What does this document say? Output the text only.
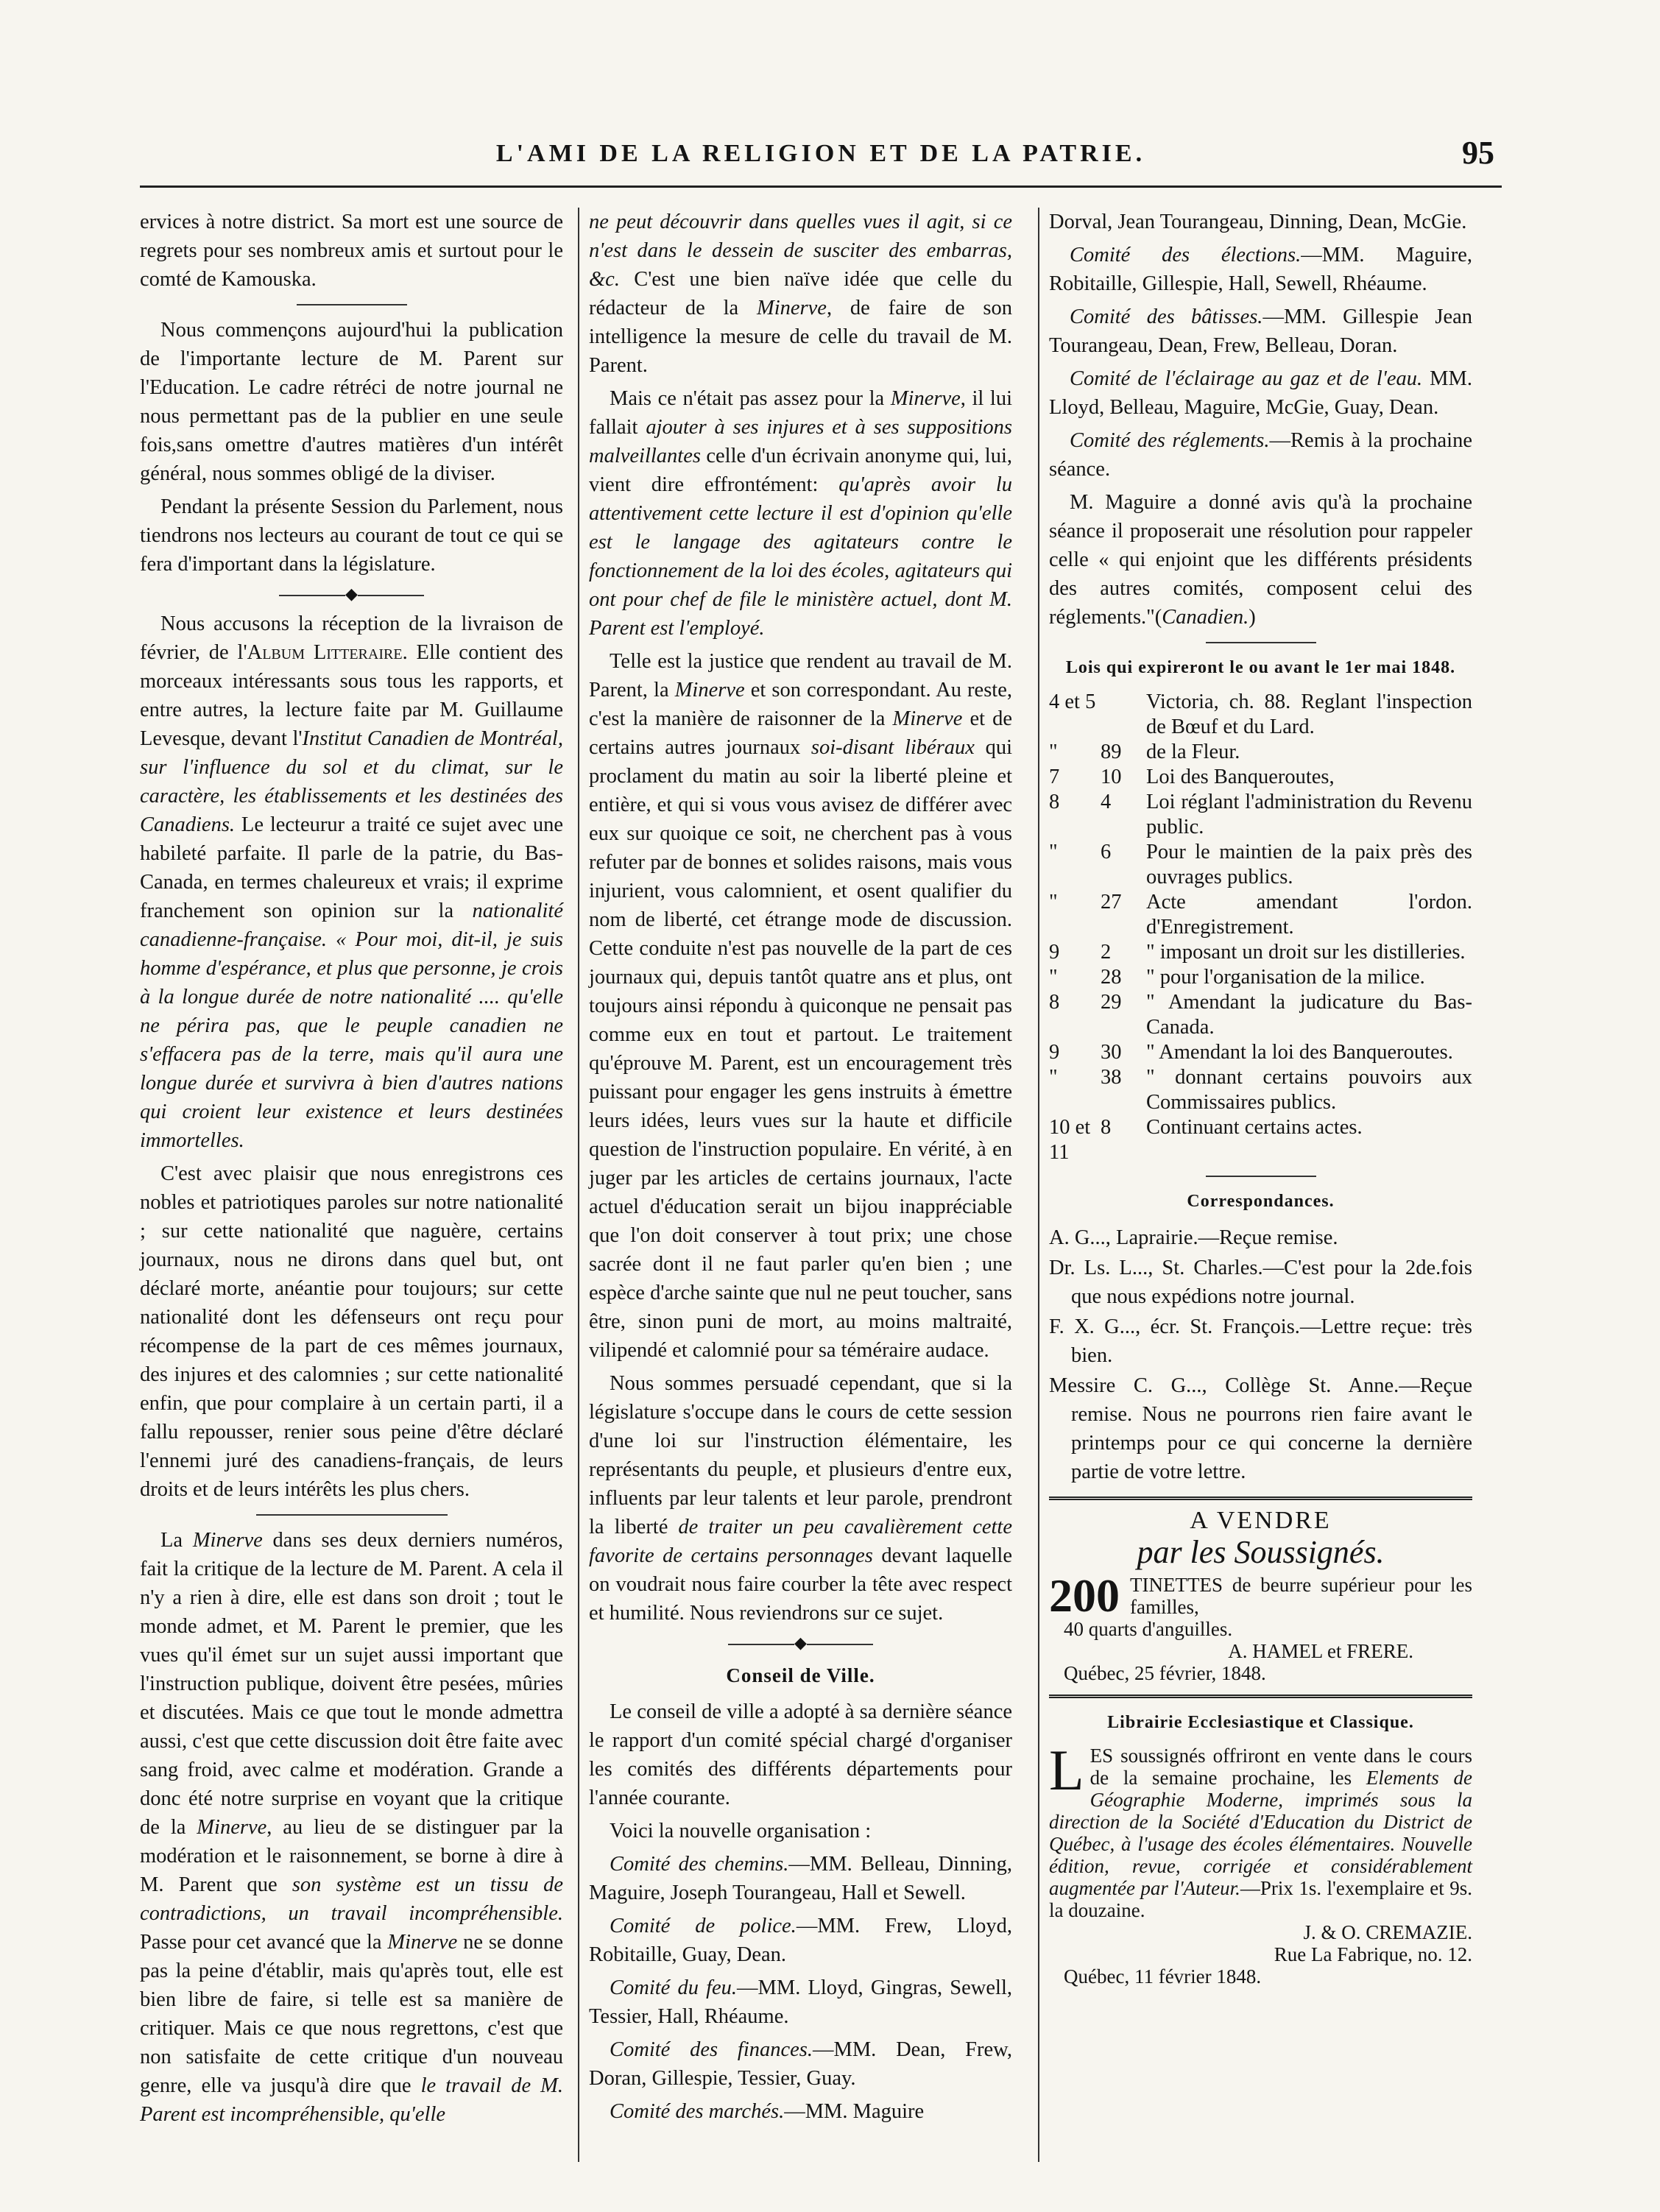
L'AMI DE LA RELIGION ET DE LA PATRIE.	95

ervices à notre district. Sa mort est une source de regrets pour ses nombreux amis et surtout pour le comté de Kamouska.

Nous commençons aujourd'hui la publication de l'importante lecture de M. Parent sur l'Education. Le cadre rétréci de notre journal ne nous permettant pas de la publier en une seule fois,sans omettre d'autres matières d'un intérêt général, nous sommes obligé de la diviser.

Pendant la présente Session du Parlement, nous tiendrons nos lecteurs au courant de tout ce qui se fera d'important dans la législature.

◆

Nous accusons la réception de la livraison de février, de l'Album Litteraire. Elle contient des morceaux intéressants sous tous les rapports, et entre autres, la lecture faite par M. Guillaume Levesque, devant l'Institut Canadien de Montréal, sur l'influence du sol et du climat, sur le caractère, les établissements et les destinées des Canadiens. Le lecteurur a traité ce sujet avec une habileté parfaite. Il parle de la patrie, du Bas-Canada, en termes chaleureux et vrais; il exprime franchement son opinion sur la nationalité canadienne-française. « Pour moi, dit-il, je suis homme d'espérance, et plus que personne, je crois à la longue durée de notre nationalité .... qu'elle ne périra pas, que le peuple canadien ne s'effacera pas de la terre, mais qu'il aura une longue durée et survivra à bien d'autres nations qui croient leur existence et leurs destinées immortelles.

C'est avec plaisir que nous enregistrons ces nobles et patriotiques paroles sur notre nationalité ; sur cette nationalité que naguère, certains journaux, nous ne dirons dans quel but, ont déclaré morte, anéantie pour toujours; sur cette nationalité dont les défenseurs ont reçu pour récompense de la part de ces mêmes journaux, des injures et des calomnies ; sur cette nationalité enfin, que pour complaire à un certain parti, il a fallu repousser, renier sous peine d'être déclaré l'ennemi juré des canadiens-français, de leurs droits et de leurs intérêts les plus chers.

La Minerve dans ses deux derniers numéros, fait la critique de la lecture de M. Parent. A cela il n'y a rien à dire, elle est dans son droit ; tout le monde admet, et M. Parent le premier, que les vues qu'il émet sur un sujet aussi important que l'instruction publique, doivent être pesées, mûries et discutées. Mais ce que tout le monde admettra aussi, c'est que cette discussion doit être faite avec sang froid, avec calme et modération. Grande a donc été notre surprise en voyant que la critique de la Minerve, au lieu de se distinguer par la modération et le raisonnement, se borne à dire à M. Parent que son système est un tissu de contradictions, un travail incompréhensible. Passe pour cet avancé que la Minerve ne se donne pas la peine d'établir, mais qu'après tout, elle est bien libre de faire, si telle est sa manière de critiquer. Mais ce que nous regrettons, c'est que non satisfaite de cette critique d'un nouveau genre, elle va jusqu'à dire que le travail de M. Parent est incompréhensible, qu'elle

ne peut découvrir dans quelles vues il agit, si ce n'est dans le dessein de susciter des embarras, &c. C'est une bien naïve idée que celle du rédacteur de la Minerve, de faire de son intelligence la mesure de celle du travail de M. Parent.

Mais ce n'était pas assez pour la Minerve, il lui fallait ajouter à ses injures et à ses suppositions malveillantes celle d'un écrivain anonyme qui, lui, vient dire effrontément: qu'après avoir lu attentivement cette lecture il est d'opinion qu'elle est le langage des agitateurs contre le fonctionnement de la loi des écoles, agitateurs qui ont pour chef de file le ministère actuel, dont M. Parent est l'employé.

Telle est la justice que rendent au travail de M. Parent, la Minerve et son correspondant. Au reste, c'est la manière de raisonner de la Minerve et de certains autres journaux soi-disant libéraux qui proclament du matin au soir la liberté pleine et entière, et qui si vous vous avisez de différer avec eux sur quoique ce soit, ne cherchent pas à vous refuter par de bonnes et solides raisons, mais vous injurient, vous calomnient, et osent qualifier du nom de liberté, cet étrange mode de discussion. Cette conduite n'est pas nouvelle de la part de ces journaux qui, depuis tantôt quatre ans et plus, ont toujours ainsi répondu à quiconque ne pensait pas comme eux en tout et partout. Le traitement qu'éprouve M. Parent, est un encouragement très puissant pour engager les gens instruits à émettre leurs idées, leurs vues sur la haute et difficile question de l'instruction populaire. En vérité, à en juger par les articles de certains journaux, l'acte actuel d'éducation serait un bijou inappréciable que l'on doit conserver à tout prix; une chose sacrée dont il ne faut parler qu'en bien ; une espèce d'arche sainte que nul ne peut toucher, sans être, sinon puni de mort, au moins maltraité, vilipendé et calomnié pour sa téméraire audace.

Nous sommes persuadé cependant, que si la législature s'occupe dans le cours de cette session d'une loi sur l'instruction élémentaire, les représentants du peuple, et plusieurs d'entre eux, influents par leur talents et leur parole, prendront la liberté de traiter un peu cavalièrement cette favorite de certains personnages devant laquelle on voudrait nous faire courber la tête avec respect et humilité. Nous reviendrons sur ce sujet.

◆
Conseil de Ville.

Le conseil de ville a adopté à sa dernière séance le rapport d'un comité spécial chargé d'organiser les comités des différents départements pour l'année courante.

Voici la nouvelle organisation :

Comité des chemins.—MM. Belleau, Dinning, Maguire, Joseph Tourangeau, Hall et Sewell.

Comité de police.—MM. Frew, Lloyd, Robitaille, Guay, Dean.

Comité du feu.—MM. Lloyd, Gingras, Sewell, Tessier, Hall, Rhéaume.

Comité des finances.—MM. Dean, Frew, Doran, Gillespie, Tessier, Guay.

Comité des marchés.—MM. Maguire

Dorval, Jean Tourangeau, Dinning, Dean, McGie.

Comité des élections.—MM. Maguire, Robitaille, Gillespie, Hall, Sewell, Rhéaume.

Comité des bâtisses.—MM. Gillespie Jean Tourangeau, Dean, Frew, Belleau, Doran.

Comité de l'éclairage au gaz et de l'eau. MM. Lloyd, Belleau, Maguire, McGie, Guay, Dean.

Comité des réglements.—Remis à la prochaine séance.

M. Maguire a donné avis qu'à la prochaine séance il proposerait une résolution pour rappeler celle « qui enjoint que les différents présidents des autres comités, composent celui des réglements."(Canadien.)

Lois qui expireront le ou avant le 1er mai 1848.
4 et 5		Victoria, ch. 88. Reglant l'inspection de Bœuf et du Lard.
"	89	de la Fleur.
7	10	Loi des Banqueroutes,
8	4	Loi réglant l'administration du Revenu public.
"	6	Pour le maintien de la paix près des ouvrages publics.
"	27	Acte amendant l'ordon. d'Enregistrement.
9	2	" imposant un droit sur les distilleries.
"	28	" pour l'organisation de la milice.
8	29	" Amendant la judicature du Bas-Canada.
9	30	" Amendant la loi des Banqueroutes.
"	38	" donnant certains pouvoirs aux Commissaires publics.
10 et 11	8	Continuant certains actes.
Correspondances.

A. G..., Laprairie.—Reçue remise.

Dr. Ls. L..., St. Charles.—C'est pour la 2de.fois que nous expédions notre journal.

F. X. G..., écr. St. François.—Lettre reçue: très bien.

Messire C. G..., Collège St. Anne.—Reçue remise. Nous ne pourrons rien faire avant le printemps pour ce qui concerne la dernière partie de votre lettre.

A VENDRE
par les Soussignés.
200 TINETTES de beurre supérieur pour les familles,
40 quarts d'anguilles.
A. HAMEL et FRERE.
Québec, 25 février, 1848.
Librairie Ecclesiastique et Classique.
LES soussignés offriront en vente dans le cours de la semaine prochaine, les Elements de Géographie Moderne, imprimés sous la direction de la Société d'Education du District de Québec, à l'usage des écoles élémentaires. Nouvelle édition, revue, corrigée et considérablement augmentée par l'Auteur.—Prix 1s. l'exemplaire et 9s. la douzaine.
J. & O. CREMAZIE.
Rue La Fabrique, no. 12.
Québec, 11 février 1848.
